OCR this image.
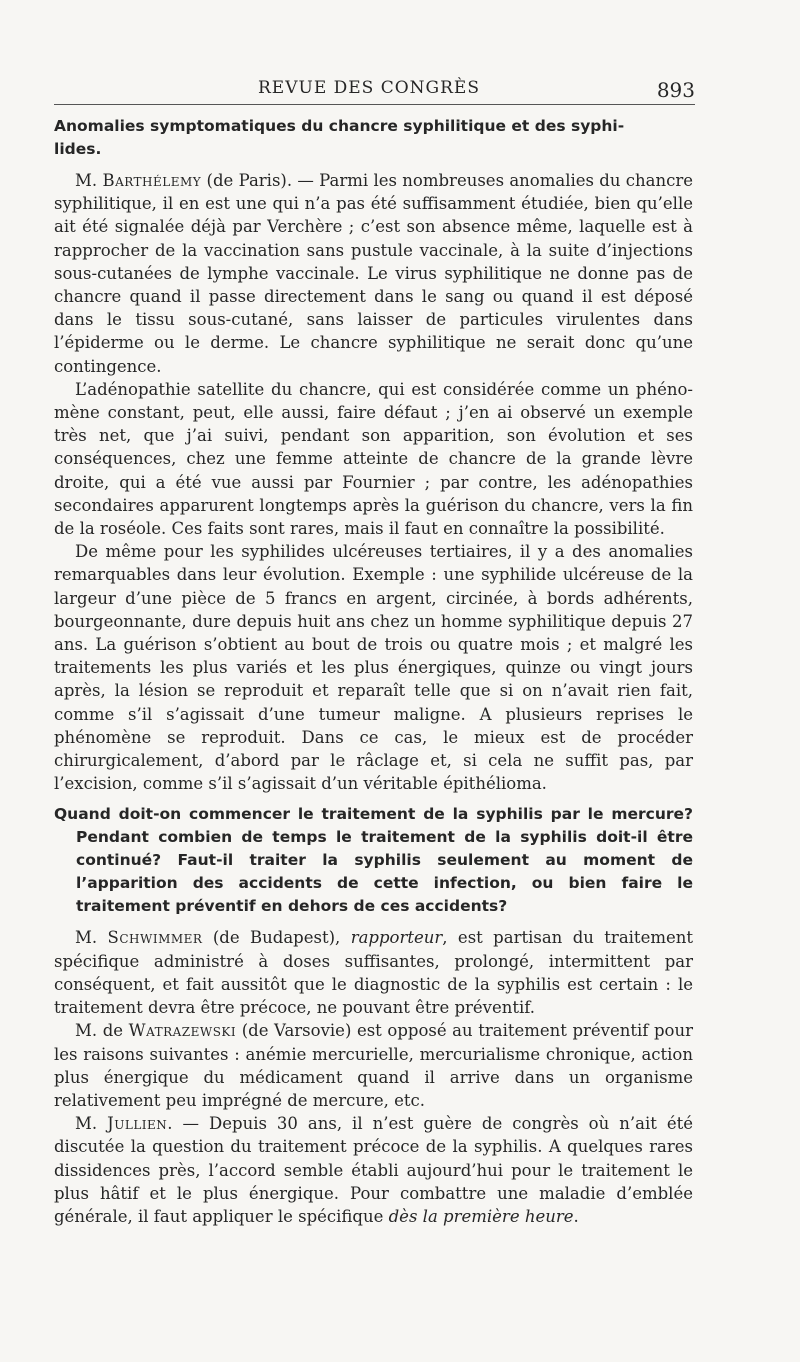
REVUE DES CONGRÈS	893
Anomalies symptomatiques du chancre syphilitique et des syphi-
lides.

M. Barthélemy (de Paris). — Parmi les nombreuses anomalies du chancre syphilitique, il en est une qui n’a pas été suffisamment étudiée, bien qu’elle ait été signalée déjà par Verchère ; c’est son absence même, laquelle est à rapprocher de la vaccination sans pustule vaccinale, à la suite d’injections sous-cutanées de lymphe vaccinale. Le virus syphilitique ne donne pas de chancre quand il passe directement dans le sang ou quand il est déposé dans le tissu sous-cutané, sans laisser de particules virulentes dans l’épiderme ou le derme. Le chancre syphilitique ne serait donc qu’une contingence.

L’adénopathie satellite du chancre, qui est considérée comme un phénomène constant, peut, elle aussi, faire défaut ; j’en ai observé un exemple très net, que j’ai suivi, pendant son apparition, son évolution et ses conséquences, chez une femme atteinte de chancre de la grande lèvre droite, qui a été vue aussi par Fournier ; par contre, les adénopathies secondaires apparurent longtemps après la guérison du chancre, vers la fin de la roséole. Ces faits sont rares, mais il faut en connaître la possibilité.

De même pour les syphilides ulcéreuses tertiaires, il y a des anomalies remarquables dans leur évolution. Exemple : une syphilide ulcéreuse de la largeur d’une pièce de 5 francs en argent, circinée, à bords adhérents, bourgeonnante, dure depuis huit ans chez un homme syphilitique depuis 27 ans. La guérison s’obtient au bout de trois ou quatre mois ; et malgré les traitements les plus variés et les plus énergiques, quinze ou vingt jours après, la lésion se reproduit et reparaît telle que si on n’avait rien fait, comme s’il s’agissait d’une tumeur maligne. A plusieurs reprises le phénomène se reproduit. Dans ce cas, le mieux est de procéder chirurgicalement, d’abord par le râclage et, si cela ne suffit pas, par l’excision, comme s’il s’agissait d’un véritable épithélioma.

Quand doit-on commencer le traitement de la syphilis par le mercure? Pendant combien de temps le traitement de la syphilis doit-il être continué? Faut-il traiter la syphilis seulement au moment de l’apparition des accidents de cette infection, ou bien faire le traitement préventif en dehors de ces accidents?

M. Schwimmer (de Budapest), rapporteur, est partisan du traitement spécifique administré à doses suffisantes, prolongé, intermittent par conséquent, et fait aussitôt que le diagnostic de la syphilis est certain : le traitement devra être précoce, ne pouvant être préventif.

M. de Watrazewski (de Varsovie) est opposé au traitement préventif pour les raisons suivantes : anémie mercurielle, mercurialisme chronique, action plus énergique du médicament quand il arrive dans un organisme relativement peu imprégné de mercure, etc.

M. Jullien. — Depuis 30 ans, il n’est guère de congrès où n’ait été discutée la question du traitement précoce de la syphilis. A quelques rares dissidences près, l’accord semble établi aujourd’hui pour le traitement le plus hâtif et le plus énergique. Pour combattre une maladie d’emblée générale, il faut appliquer le spécifique dès la première heure.
